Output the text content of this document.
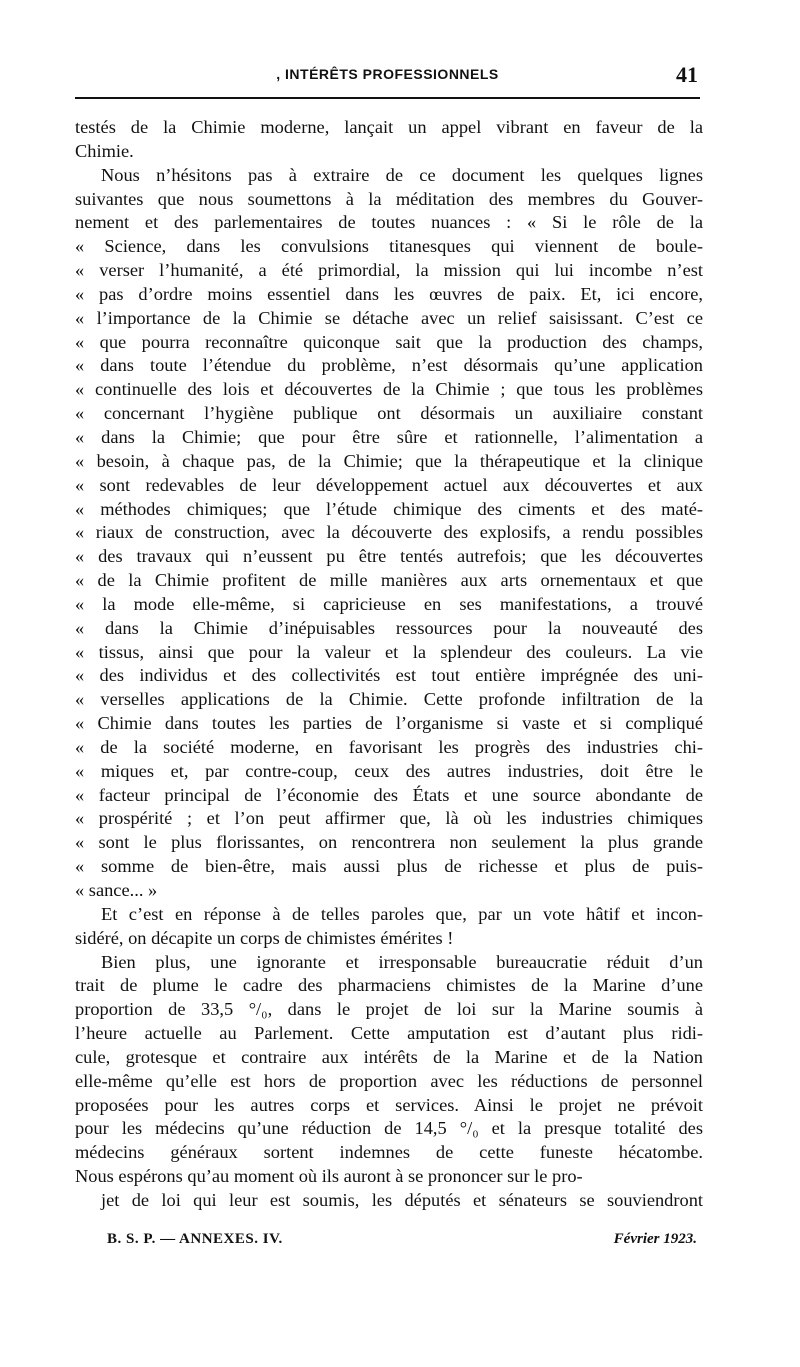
, INTÉRÊTS PROFESSIONNELS	41
testés de la Chimie moderne, lançait un appel vibrant en faveur de la
Chimie.
Nous n’hésitons pas à extraire de ce document les quelques lignes
suivantes que nous soumettons à la méditation des membres du Gouver-
nement et des parlementaires de toutes nuances : « Si le rôle de la
« Science, dans les convulsions titanesques qui viennent de boule-
« verser l’humanité, a été primordial, la mission qui lui incombe n’est
« pas d’ordre moins essentiel dans les œuvres de paix. Et, ici encore,
« l’importance de la Chimie se détache avec un relief saisissant. C’est ce
« que pourra reconnaître quiconque sait que la production des champs,
« dans toute l’étendue du problème, n’est désormais qu’une application
« continuelle des lois et découvertes de la Chimie ; que tous les problèmes
« concernant l’hygiène publique ont désormais un auxiliaire constant
« dans la Chimie; que pour être sûre et rationnelle, l’alimentation a
« besoin, à chaque pas, de la Chimie; que la thérapeutique et la clinique
« sont redevables de leur développement actuel aux découvertes et aux
« méthodes chimiques; que l’étude chimique des ciments et des maté-
« riaux de construction, avec la découverte des explosifs, a rendu possibles
« des travaux qui n’eussent pu être tentés autrefois; que les découvertes
« de la Chimie profitent de mille manières aux arts ornementaux et que
« la mode elle-même, si capricieuse en ses manifestations, a trouvé
« dans la Chimie d’inépuisables ressources pour la nouveauté des
« tissus, ainsi que pour la valeur et la splendeur des couleurs. La vie
« des individus et des collectivités est tout entière imprégnée des uni-
« verselles applications de la Chimie. Cette profonde infiltration de la
« Chimie dans toutes les parties de l’organisme si vaste et si compliqué
« de la société moderne, en favorisant les progrès des industries chi-
« miques et, par contre-coup, ceux des autres industries, doit être le
« facteur principal de l’économie des États et une source abondante de
« prospérité ; et l’on peut affirmer que, là où les industries chimiques
« sont le plus florissantes, on rencontrera non seulement la plus grande
« somme de bien-être, mais aussi plus de richesse et plus de puis-
« sance... »
Et c’est en réponse à de telles paroles que, par un vote hâtif et incon-
sidéré, on décapite un corps de chimistes émérites !
Bien plus, une ignorante et irresponsable bureaucratie réduit d’un
trait de plume le cadre des pharmaciens chimistes de la Marine d’une
proportion de 33,5 °/₀, dans le projet de loi sur la Marine soumis à
l’heure actuelle au Parlement. Cette amputation est d’autant plus ridi-
cule, grotesque et contraire aux intérêts de la Marine et de la Nation
elle-même qu’elle est hors de proportion avec les réductions de personnel
proposées pour les autres corps et services. Ainsi le projet ne prévoit
pour les médecins qu’une réduction de 14,5 °/₀ et la presque totalité des
médecins généraux sortent indemnes de cette funeste hécatombe.
Nous espérons qu’au moment où ils auront à se prononcer sur le pro-
jet de loi qui leur est soumis, les députés et sénateurs se souviendront
B. S. P. — ANNEXES. IV.	Février 1923.
